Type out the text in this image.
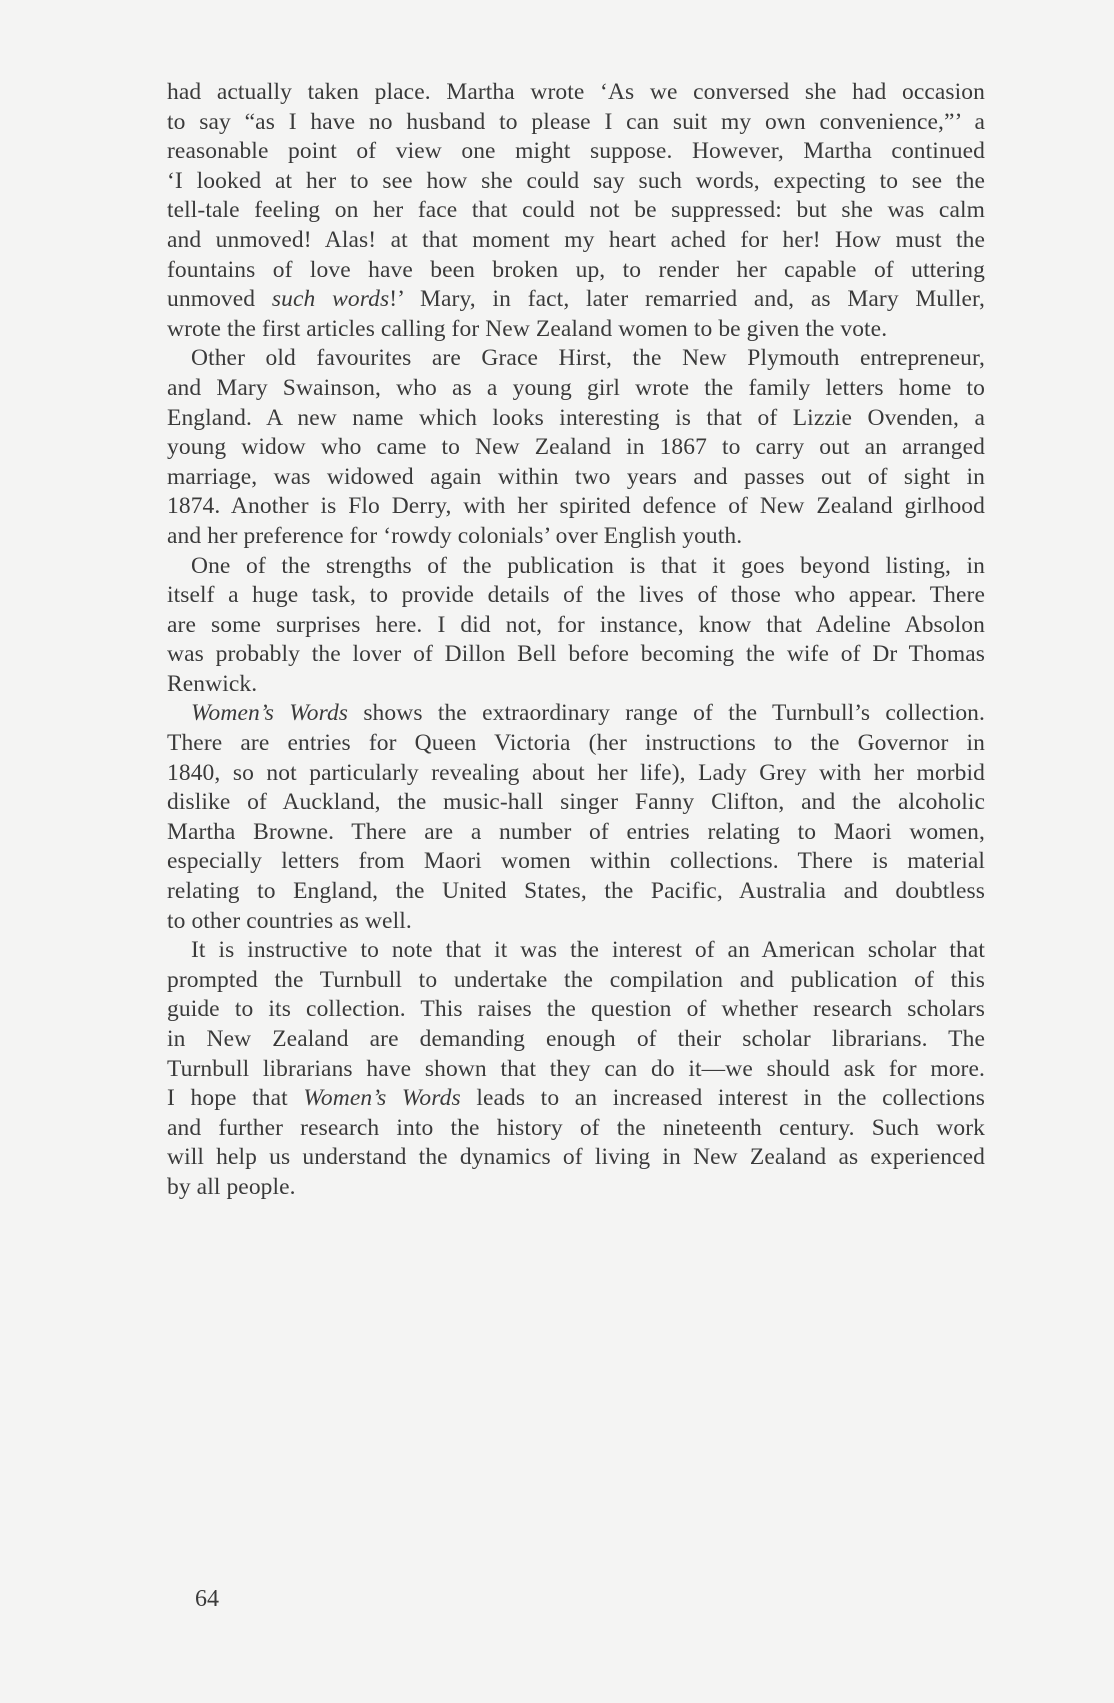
had actually taken place. Martha wrote ‘As we conversed she had occasion
to say “as I have no husband to please I can suit my own convenience,”’ a
reasonable point of view one might suppose. However, Martha continued
‘I looked at her to see how she could say such words, expecting to see the
tell-tale feeling on her face that could not be suppressed: but she was calm
and unmoved! Alas! at that moment my heart ached for her! How must the
fountains of love have been broken up, to render her capable of uttering
unmoved such words!’ Mary, in fact, later remarried and, as Mary Muller,
wrote the first articles calling for New Zealand women to be given the vote.
Other old favourites are Grace Hirst, the New Plymouth entrepreneur,
and Mary Swainson, who as a young girl wrote the family letters home to
England. A new name which looks interesting is that of Lizzie Ovenden, a
young widow who came to New Zealand in 1867 to carry out an arranged
marriage, was widowed again within two years and passes out of sight in
1874. Another is Flo Derry, with her spirited defence of New Zealand girlhood
and her preference for ‘rowdy colonials’ over English youth.
One of the strengths of the publication is that it goes beyond listing, in
itself a huge task, to provide details of the lives of those who appear. There
are some surprises here. I did not, for instance, know that Adeline Absolon
was probably the lover of Dillon Bell before becoming the wife of Dr Thomas
Renwick.
Women’s Words shows the extraordinary range of the Turnbull’s collection.
There are entries for Queen Victoria (her instructions to the Governor in
1840, so not particularly revealing about her life), Lady Grey with her morbid
dislike of Auckland, the music-hall singer Fanny Clifton, and the alcoholic
Martha Browne. There are a number of entries relating to Maori women,
especially letters from Maori women within collections. There is material
relating to England, the United States, the Pacific, Australia and doubtless
to other countries as well.
It is instructive to note that it was the interest of an American scholar that
prompted the Turnbull to undertake the compilation and publication of this
guide to its collection. This raises the question of whether research scholars
in New Zealand are demanding enough of their scholar librarians. The
Turnbull librarians have shown that they can do it—we should ask for more.
I hope that Women’s Words leads to an increased interest in the collections
and further research into the history of the nineteenth century. Such work
will help us understand the dynamics of living in New Zealand as experienced
by all people.
64
